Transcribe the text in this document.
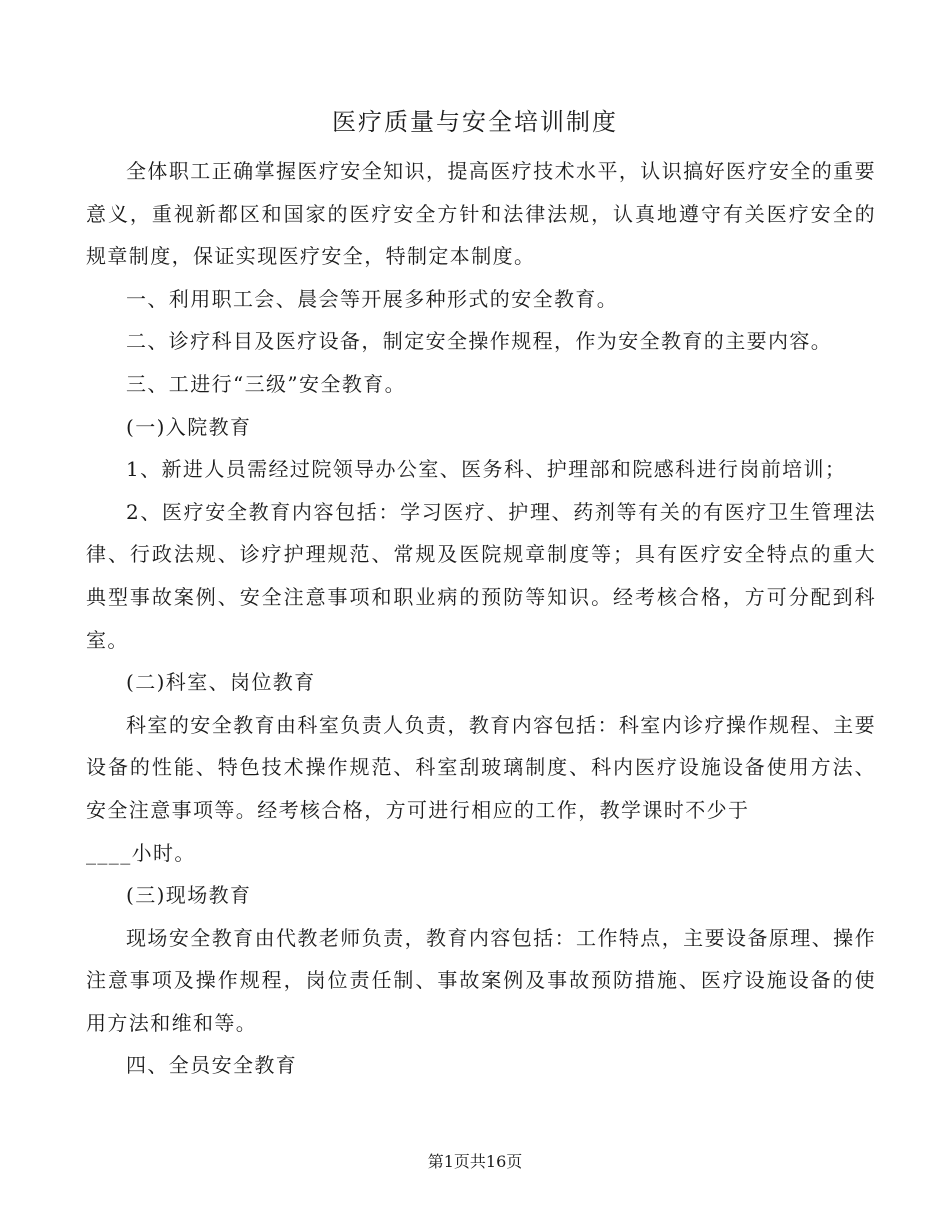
医疗质量与安全培训制度

全体职工正确掌握医疗安全知识，提高医疗技术水平，认识搞好医疗安全的重要意义，重视新都区和国家的医疗安全方针和法律法规，认真地遵守有关医疗安全的规章制度，保证实现医疗安全，特制定本制度。

一、利用职工会、晨会等开展多种形式的安全教育。

二、诊疗科目及医疗设备，制定安全操作规程，作为安全教育的主要内容。

三、工进行“三级”安全教育。

(一)入院教育

1、新进人员需经过院领导办公室、医务科、护理部和院感科进行岗前培训；

2、医疗安全教育内容包括：学习医疗、护理、药剂等有关的有医疗卫生管理法律、行政法规、诊疗护理规范、常规及医院规章制度等；具有医疗安全特点的重大典型事故案例、安全注意事项和职业病的预防等知识。经考核合格，方可分配到科室。

(二)科室、岗位教育

科室的安全教育由科室负责人负责，教育内容包括：科室内诊疗操作规程、主要设备的性能、特色技术操作规范、科室刮玻璃制度、科内医疗设施设备使用方法、安全注意事项等。经考核合格，方可进行相应的工作，教学课时不少于

____小时。

(三)现场教育

现场安全教育由代教老师负责，教育内容包括：工作特点，主要设备原理、操作注意事项及操作规程，岗位责任制、事故案例及事故预防措施、医疗设施设备的使用方法和维和等。

四、全员安全教育

第1页共16页
